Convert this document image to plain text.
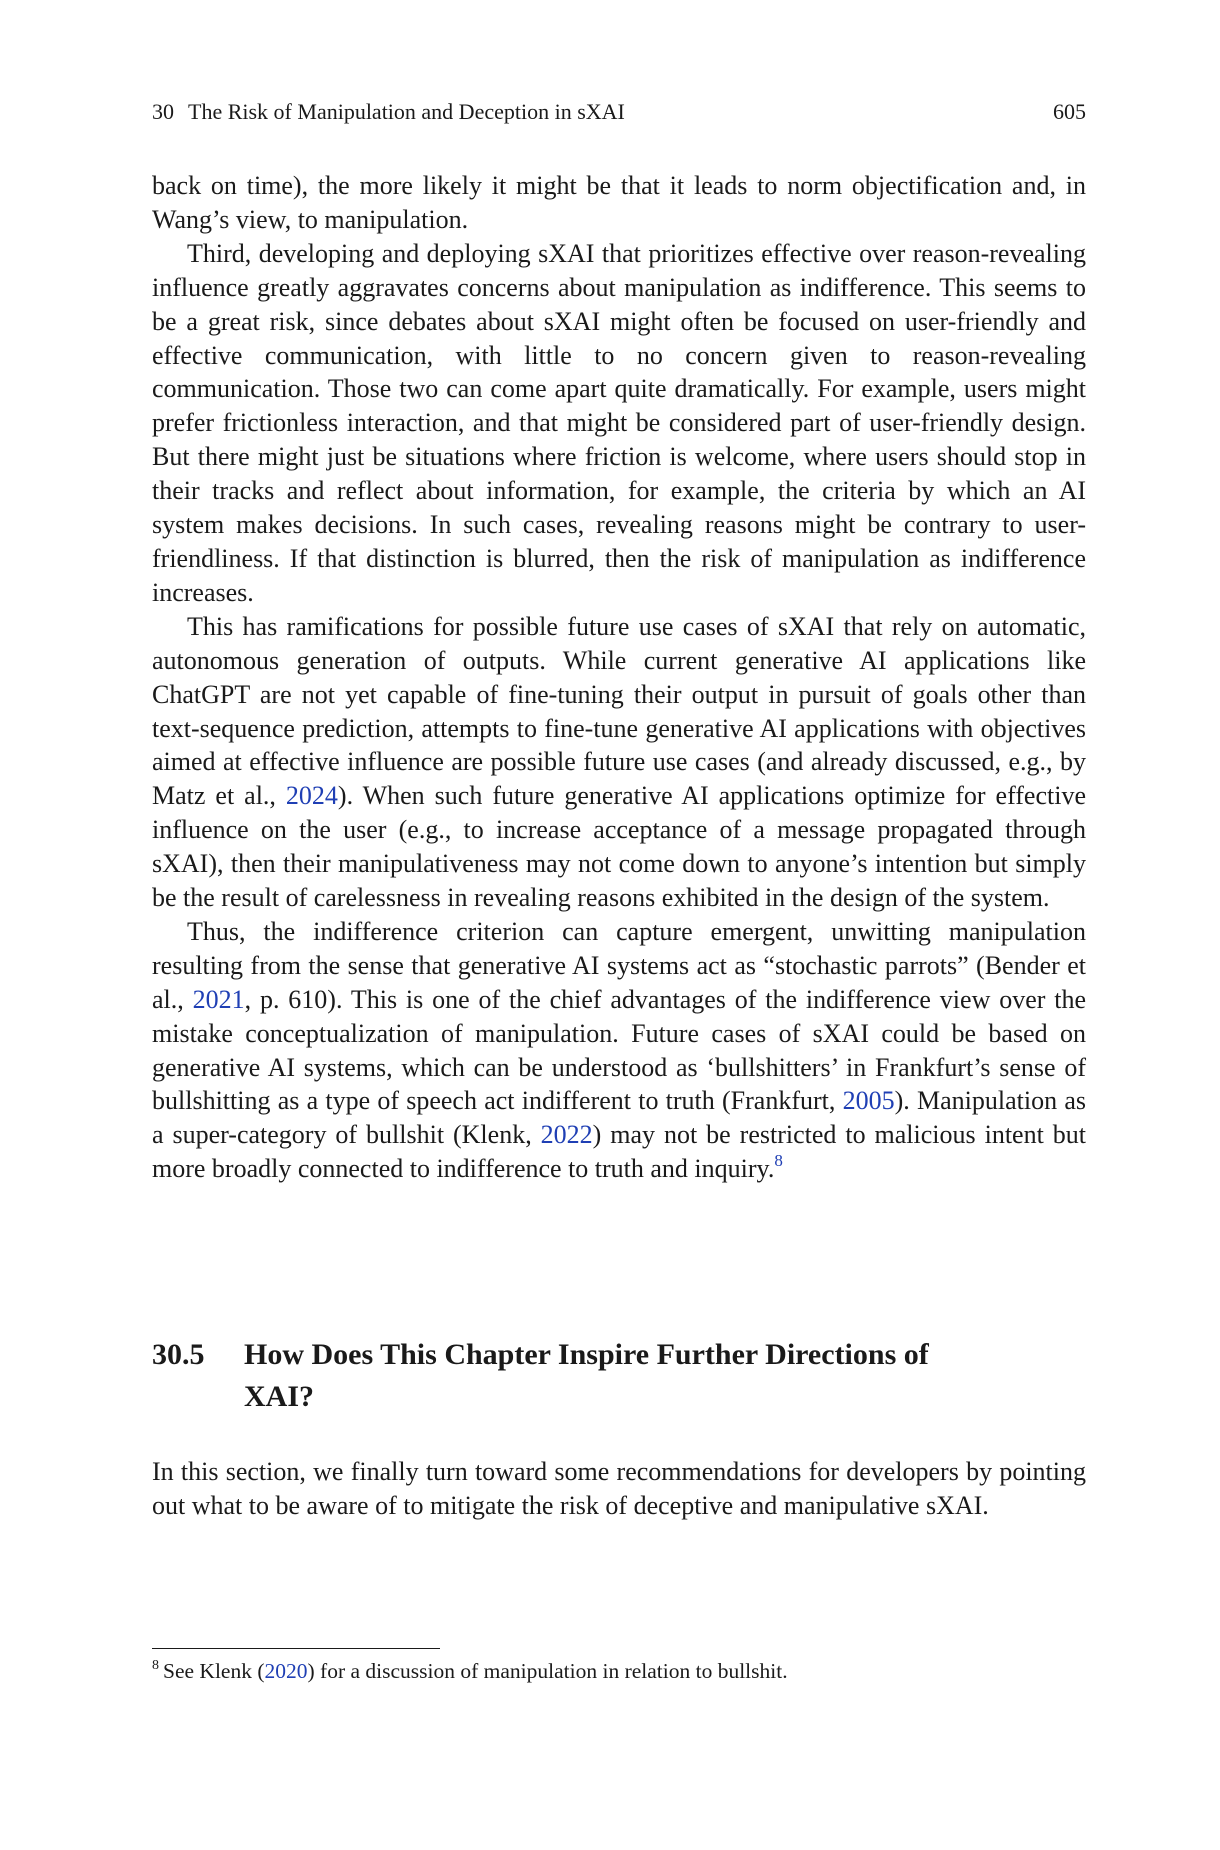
30 The Risk of Manipulation and Deception in sXAI	605

back on time), the more likely it might be that it leads to norm objectification and, in Wang’s view, to manipulation.

Third, developing and deploying sXAI that prioritizes effective over reason-revealing influence greatly aggravates concerns about manipulation as indifference. This seems to be a great risk, since debates about sXAI might often be focused on user-friendly and effective communication, with little to no concern given to reason-revealing communication. Those two can come apart quite dramatically. For example, users might prefer frictionless interaction, and that might be considered part of user-friendly design. But there might just be situations where friction is welcome, where users should stop in their tracks and reflect about information, for example, the criteria by which an AI system makes decisions. In such cases, revealing reasons might be contrary to user-friendliness. If that distinction is blurred, then the risk of manipulation as indifference increases.

This has ramifications for possible future use cases of sXAI that rely on automatic, autonomous generation of outputs. While current generative AI applications like ChatGPT are not yet capable of fine-tuning their output in pursuit of goals other than text-sequence prediction, attempts to fine-tune generative AI applications with objectives aimed at effective influence are possible future use cases (and already discussed, e.g., by Matz et al., 2024). When such future generative AI applications optimize for effective influence on the user (e.g., to increase acceptance of a message propagated through sXAI), then their manipulativeness may not come down to anyone’s intention but simply be the result of carelessness in revealing reasons exhibited in the design of the system.

Thus, the indifference criterion can capture emergent, unwitting manipulation resulting from the sense that generative AI systems act as “stochastic parrots” (Bender et al., 2021, p. 610). This is one of the chief advantages of the indifference view over the mistake conceptualization of manipulation. Future cases of sXAI could be based on generative AI systems, which can be understood as ‘bullshitters’ in Frankfurt’s sense of bullshitting as a type of speech act indifferent to truth (Frankfurt, 2005). Manipulation as a super-category of bullshit (Klenk, 2022) may not be restricted to malicious intent but more broadly connected to indifference to truth and inquiry.$^8$

30.5 How Does This Chapter Inspire Further Directions of XAI?

In this section, we finally turn toward some recommendations for developers by pointing out what to be aware of to mitigate the risk of deceptive and manipulative sXAI.

$^8$ See Klenk (2020) for a discussion of manipulation in relation to bullshit.
